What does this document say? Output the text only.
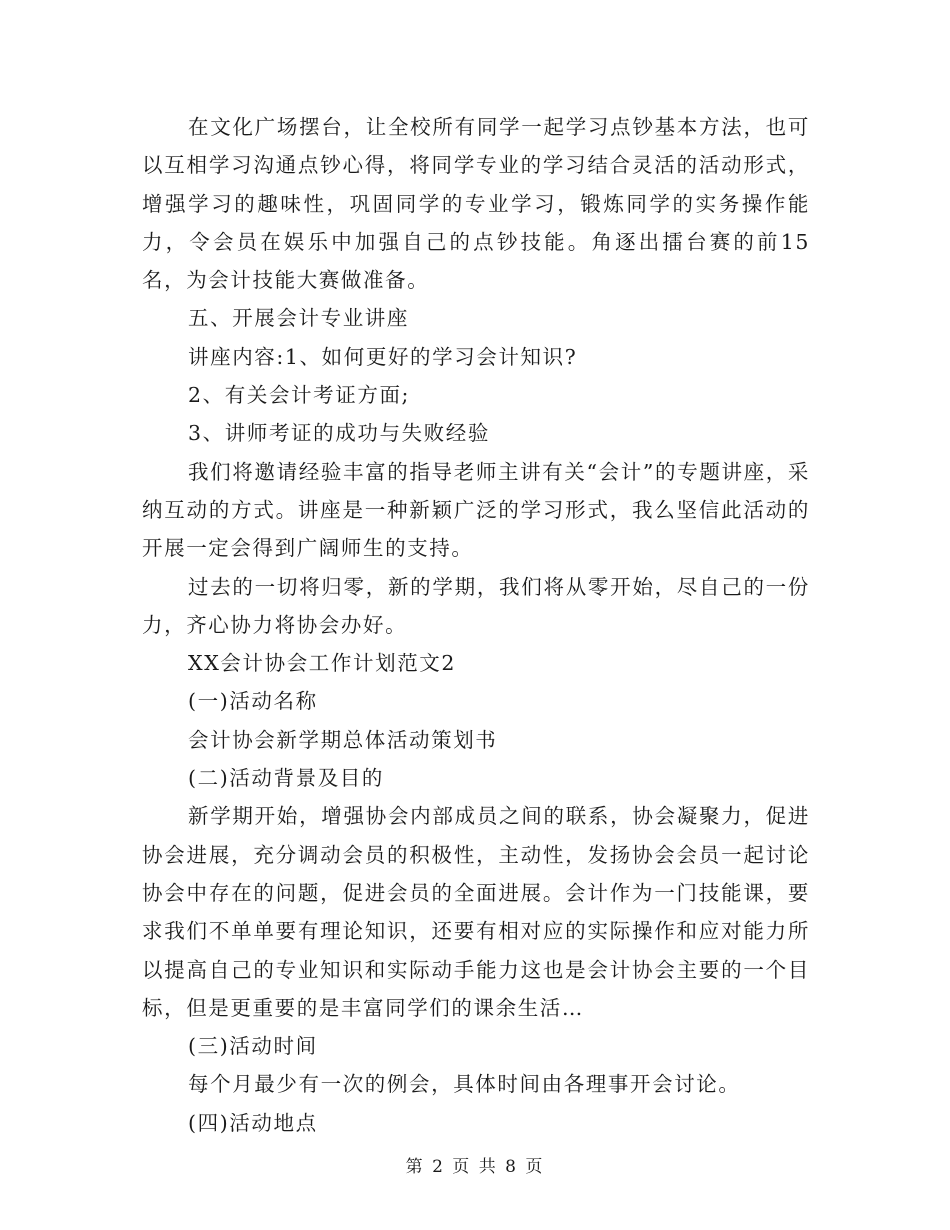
在文化广场摆台，让全校所有同学一起学习点钞基本方法，也可以互相学习沟通点钞心得，将同学专业的学习结合灵活的活动形式，增强学习的趣味性，巩固同学的专业学习，锻炼同学的实务操作能力，令会员在娱乐中加强自己的点钞技能。角逐出擂台赛的前15名，为会计技能大赛做准备。

五、开展会计专业讲座

讲座内容:1、如何更好的学习会计知识?

2、有关会计考证方面;

3、讲师考证的成功与失败经验

我们将邀请经验丰富的指导老师主讲有关“会计”的专题讲座，采纳互动的方式。讲座是一种新颖广泛的学习形式，我么坚信此活动的开展一定会得到广阔师生的支持。

过去的一切将归零，新的学期，我们将从零开始，尽自己的一份力，齐心协力将协会办好。

XX会计协会工作计划范文2

(一)活动名称

会计协会新学期总体活动策划书

(二)活动背景及目的

新学期开始，增强协会内部成员之间的联系，协会凝聚力，促进协会进展，充分调动会员的积极性，主动性，发扬协会会员一起讨论协会中存在的问题，促进会员的全面进展。会计作为一门技能课，要求我们不单单要有理论知识，还要有相对应的实际操作和应对能力所以提高自己的专业知识和实际动手能力这也是会计协会主要的一个目标，但是更重要的是丰富同学们的课余生活…

(三)活动时间

每个月最少有一次的例会，具体时间由各理事开会讨论。

(四)活动地点

第 2 页 共 8 页
